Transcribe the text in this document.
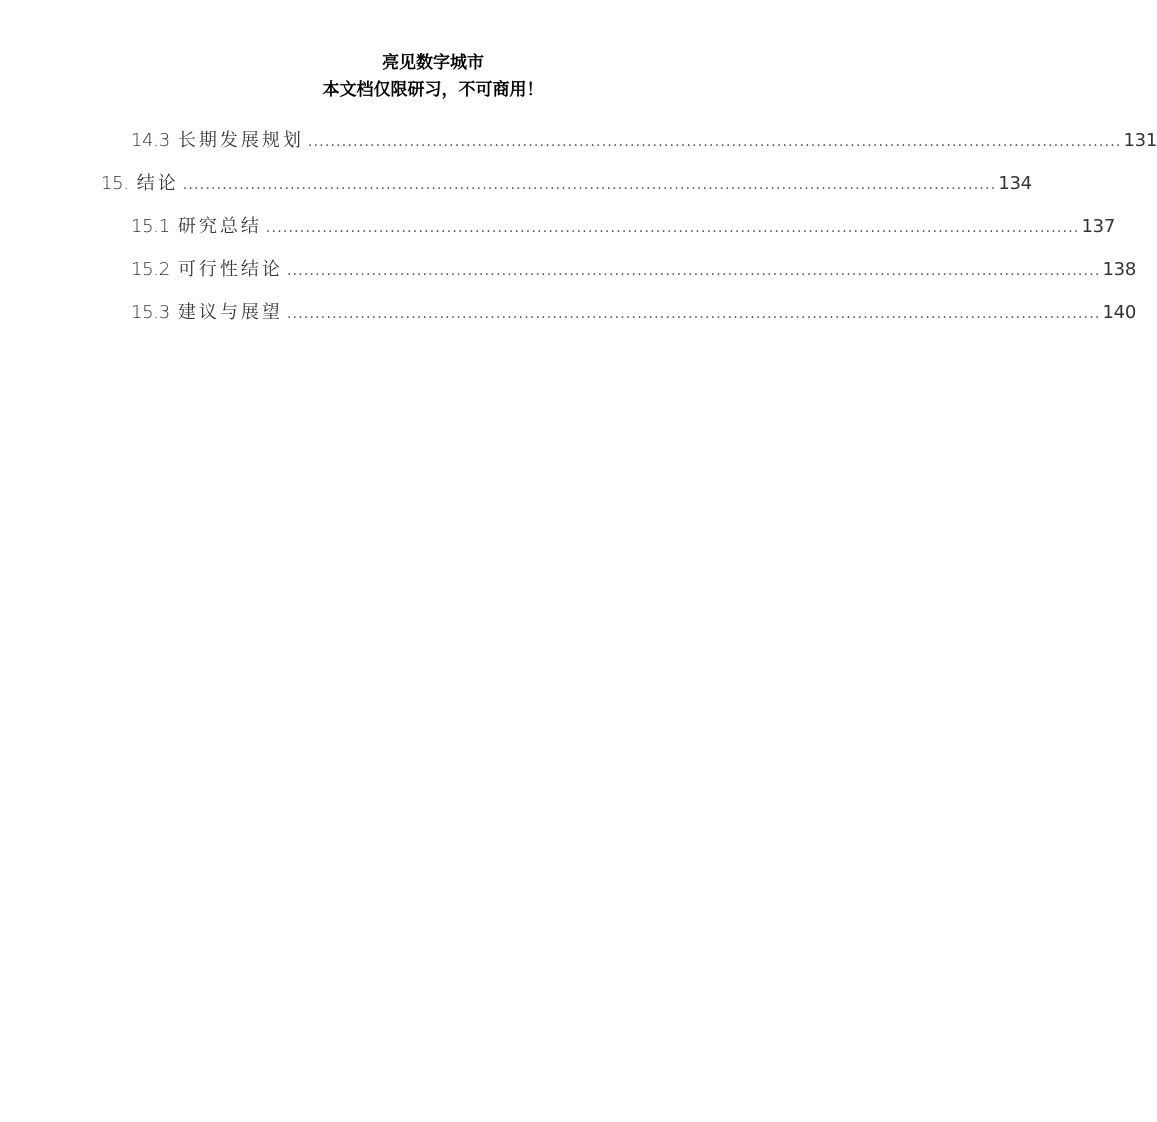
亮见数字城市
本文档仅限研习，不可商用！
14.3 长期发展规划 ................................................................................................................................................ 131
15. 结论 ................................................................................................................................................ 134
15.1 研究总结 ................................................................................................................................................ 137
15.2 可行性结论 ................................................................................................................................................ 138
15.3 建议与展望 ................................................................................................................................................ 140
